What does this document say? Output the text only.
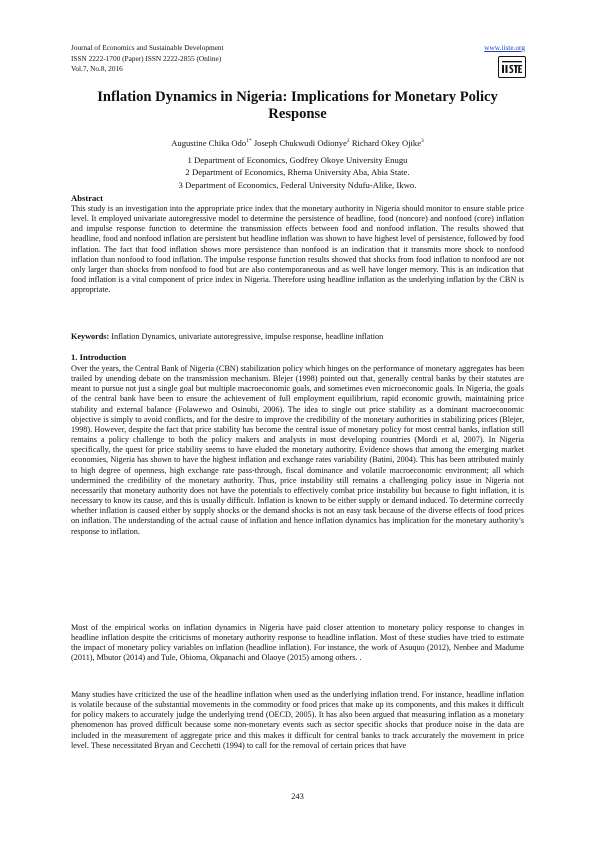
Journal of Economics and Sustainable Development
ISSN 2222-1700 (Paper) ISSN 2222-2855 (Online)
Vol.7, No.8, 2016
www.iiste.org
Inflation Dynamics in Nigeria: Implications for Monetary Policy Response
Augustine Chika Odo$^{1*}$ Joseph Chukwudi Odionye$^2$ Richard Okey Ojike$^3$
1 Department of Economics, Godfrey Okoye University Enugu
2 Department of Economics, Rhema University Aba, Abia State.
3 Department of Economics, Federal University Ndufu-Alike, Ikwo.
Abstract
This study is an investigation into the appropriate price index that the monetary authority in Nigeria should monitor to ensure stable price level. It employed univariate autoregressive model to determine the persistence of headline, food (noncore) and nonfood (core) inflation and impulse response function to determine the transmission effects between food and nonfood inflation. The results showed that headline, food and nonfood inflation are persistent but headline inflation was shown to have highest level of persistence, followed by food inflation. The fact that food inflation shows more persistence than nonfood is an indication that it transmits more shock to nonfood inflation than nonfood to food inflation. The impulse response function results showed that shocks from food inflation to nonfood are not only larger than shocks from nonfood to food but are also contemporaneous and as well have longer memory. This is an indication that food inflation is a vital component of price index in Nigeria. Therefore using headline inflation as the underlying inflation by the CBN is appropriate.
Keywords: Inflation Dynamics, univariate autoregressive, impulse response, headline inflation
1. Introduction
Over the years, the Central Bank of Nigeria (CBN) stabilization policy which hinges on the performance of monetary aggregates has been trailed by unending debate on the transmission mechanism. Blejer (1998) pointed out that, generally central banks by their statutes are meant to pursue not just a single goal but multiple macroeconomic goals, and sometimes even microeconomic goals. In Nigeria, the goals of the central bank have been to ensure the achievement of full employment equilibrium, rapid economic growth, maintaining price stability and external balance (Folawewo and Osinubi, 2006). The idea to single out price stability as a dominant macroeconomic objective is simply to avoid conflicts, and for the desire to improve the credibility of the monetary authorities in stabilizing prices (Blejer, 1998). However, despite the fact that price stability has become the central issue of monetary policy for most central banks, inflation still remains a policy challenge to both the policy makers and analysts in most developing countries (Mordi et al, 2007). In Nigeria specifically, the quest for price stability seems to have eluded the monetary authority. Evidence shows that among the emerging market economies, Nigeria has shown to have the highest inflation and exchange rates variability (Batini, 2004). This has been attributed mainly to high degree of openness, high exchange rate pass-through, fiscal dominance and volatile macroeconomic environment; all which undermined the credibility of the monetary authority. Thus, price instability still remains a challenging policy issue in Nigeria not necessarily that monetary authority does not have the potentials to effectively combat price instability but because to fight inflation, it is necessary to know its cause, and this is usually difficult. Inflation is known to be either supply or demand induced. To determine correctly whether inflation is caused either by supply shocks or the demand shocks is not an easy task because of the diverse effects of food prices on inflation. The understanding of the actual cause of inflation and hence inflation dynamics has implication for the monetary authority’s response to inflation.
Most of the empirical works on inflation dynamics in Nigeria have paid closer attention to monetary policy response to changes in headline inflation despite the criticisms of monetary authority response to headline inflation. Most of these studies have tried to estimate the impact of monetary policy variables on inflation (headline inflation). For instance, the work of Asuquo (2012), Nenbee and Madume (2011), Mbutor (2014) and Tule, Obioma, Okpanachi and Olaoye (2015) among others. .
Many studies have criticized the use of the headline inflation when used as the underlying inflation trend. For instance, headline inflation is volatile because of the substantial movements in the commodity or food prices that make up its components, and this makes it difficult for policy makers to accurately judge the underlying trend (OECD, 2005). It has also been argued that measuring inflation as a monetary phenomenon has proved difficult because some non-monetary events such as sector specific shocks that produce noise in the data are included in the measurement of aggregate price and this makes it difficult for central banks to track accurately the movement in price level. These necessitated Bryan and Cecchetti (1994) to call for the removal of certain prices that have
243
